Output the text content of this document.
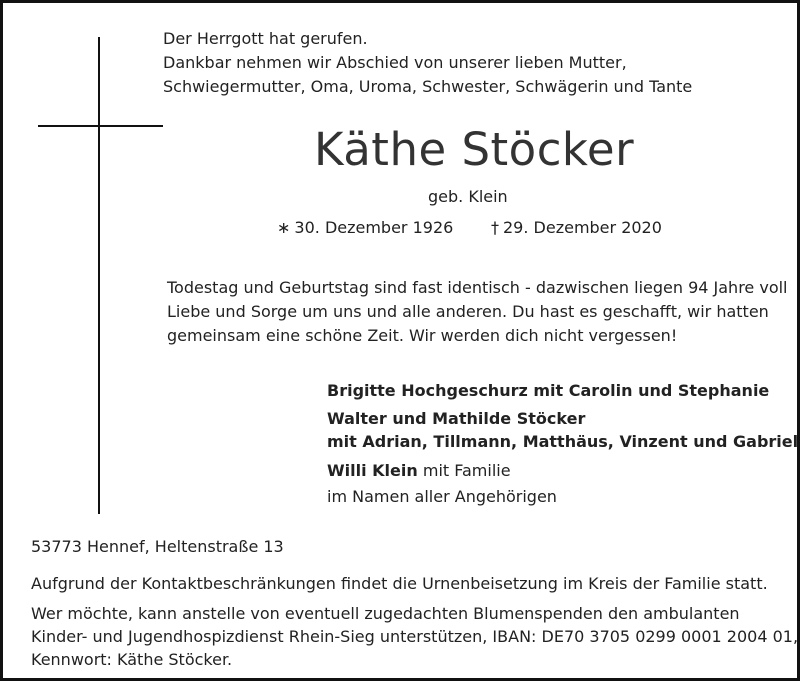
Der Herrgott hat gerufen.
Dankbar nehmen wir Abschied von unserer lieben Mutter,
Schwiegermutter, Oma, Uroma, Schwester, Schwägerin und Tante
Käthe Stöcker
geb. Klein
∗ 30. Dezember 1926 † 29. Dezember 2020
Todestag und Geburtstag sind fast identisch - dazwischen liegen 94 Jahre voll
Liebe und Sorge um uns und alle anderen. Du hast es geschafft, wir hatten
gemeinsam eine schöne Zeit. Wir werden dich nicht vergessen!
Brigitte Hochgeschurz mit Carolin und Stephanie
Walter und Mathilde Stöcker
mit Adrian, Tillmann, Matthäus, Vinzent und Gabriel
Willi Klein mit Familie
im Namen aller Angehörigen
53773 Hennef, Heltenstraße 13
Aufgrund der Kontaktbeschränkungen findet die Urnenbeisetzung im Kreis der Familie statt.
Wer möchte, kann anstelle von eventuell zugedachten Blumenspenden den ambulanten
Kinder- und Jugendhospizdienst Rhein-Sieg unterstützen, IBAN: DE70 3705 0299 0001 2004 01,
Kennwort: Käthe Stöcker.
